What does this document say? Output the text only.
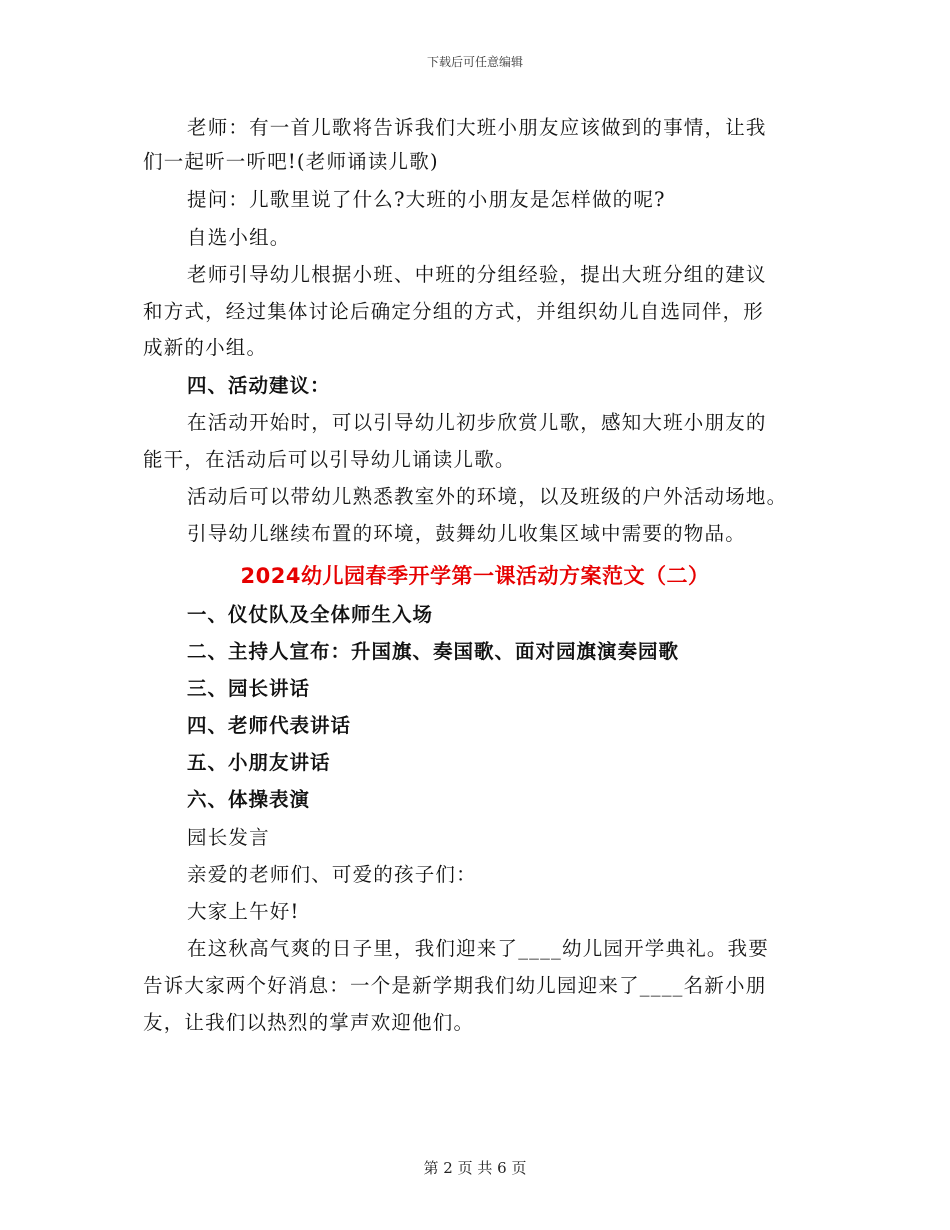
下载后可任意编辑
老师：有一首儿歌将告诉我们大班小朋友应该做到的事情，让我
们一起听一听吧!(老师诵读儿歌)
提问：儿歌里说了什么?大班的小朋友是怎样做的呢?
自选小组。
老师引导幼儿根据小班、中班的分组经验，提出大班分组的建议
和方式，经过集体讨论后确定分组的方式，并组织幼儿自选同伴，形
成新的小组。
四、活动建议：
在活动开始时，可以引导幼儿初步欣赏儿歌，感知大班小朋友的
能干，在活动后可以引导幼儿诵读儿歌。
活动后可以带幼儿熟悉教室外的环境，以及班级的户外活动场地。
引导幼儿继续布置的环境，鼓舞幼儿收集区域中需要的物品。
2024幼儿园春季开学第一课活动方案范文（二）
一、仪仗队及全体师生入场
二、主持人宣布：升国旗、奏国歌、面对园旗演奏园歌
三、园长讲话
四、老师代表讲话
五、小朋友讲话
六、体操表演
园长发言
亲爱的老师们、可爱的孩子们：
大家上午好!
在这秋高气爽的日子里，我们迎来了____幼儿园开学典礼。我要
告诉大家两个好消息：一个是新学期我们幼儿园迎来了____名新小朋
友，让我们以热烈的掌声欢迎他们。
第 2 页 共 6 页
